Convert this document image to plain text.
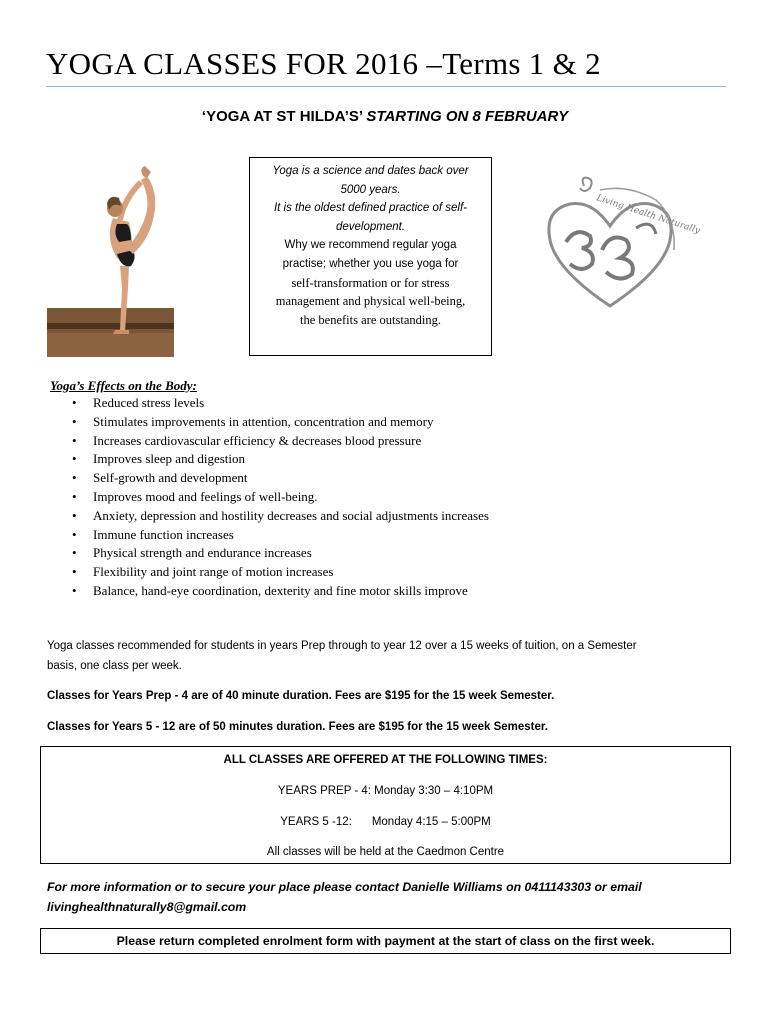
YOGA CLASSES FOR 2016 –Terms 1 & 2
‘YOGA AT ST HILDA’S’ STARTING ON 8 FEBRUARY
Yoga is a science and dates back over
5000 years.
It is the oldest defined practice of self-
development.
Why we recommend regular yoga
practise; whether you use yoga for
self-transformation or for stress
management and physical well-being,
the benefits are outstanding.
Living Health Naturally
Yoga’s Effects on the Body:
• Reduced stress levels
• Stimulates improvements in attention, concentration and memory
• Increases cardiovascular efficiency & decreases blood pressure
• Improves sleep and digestion
• Self-growth and development
• Improves mood and feelings of well-being.
• Anxiety, depression and hostility decreases and social adjustments increases
• Immune function increases
• Physical strength and endurance increases
• Flexibility and joint range of motion increases
• Balance, hand-eye coordination, dexterity and fine motor skills improve
Yoga classes recommended for students in years Prep through to year 12 over a 15 weeks of tuition, on a Semester
basis, one class per week.
Classes for Years Prep - 4 are of 40 minute duration. Fees are $195 for the 15 week Semester.
Classes for Years 5 - 12 are of 50 minutes duration. Fees are $195 for the 15 week Semester.
ALL CLASSES ARE OFFERED AT THE FOLLOWING TIMES:
YEARS PREP - 4: Monday 3:30 – 4:10PM
YEARS 5 -12: Monday 4:15 – 5:00PM
All classes will be held at the Caedmon Centre
For more information or to secure your place please contact Danielle Williams on 0411143303 or email
livinghealthnaturally8@gmail.com
Please return completed enrolment form with payment at the start of class on the first week.
